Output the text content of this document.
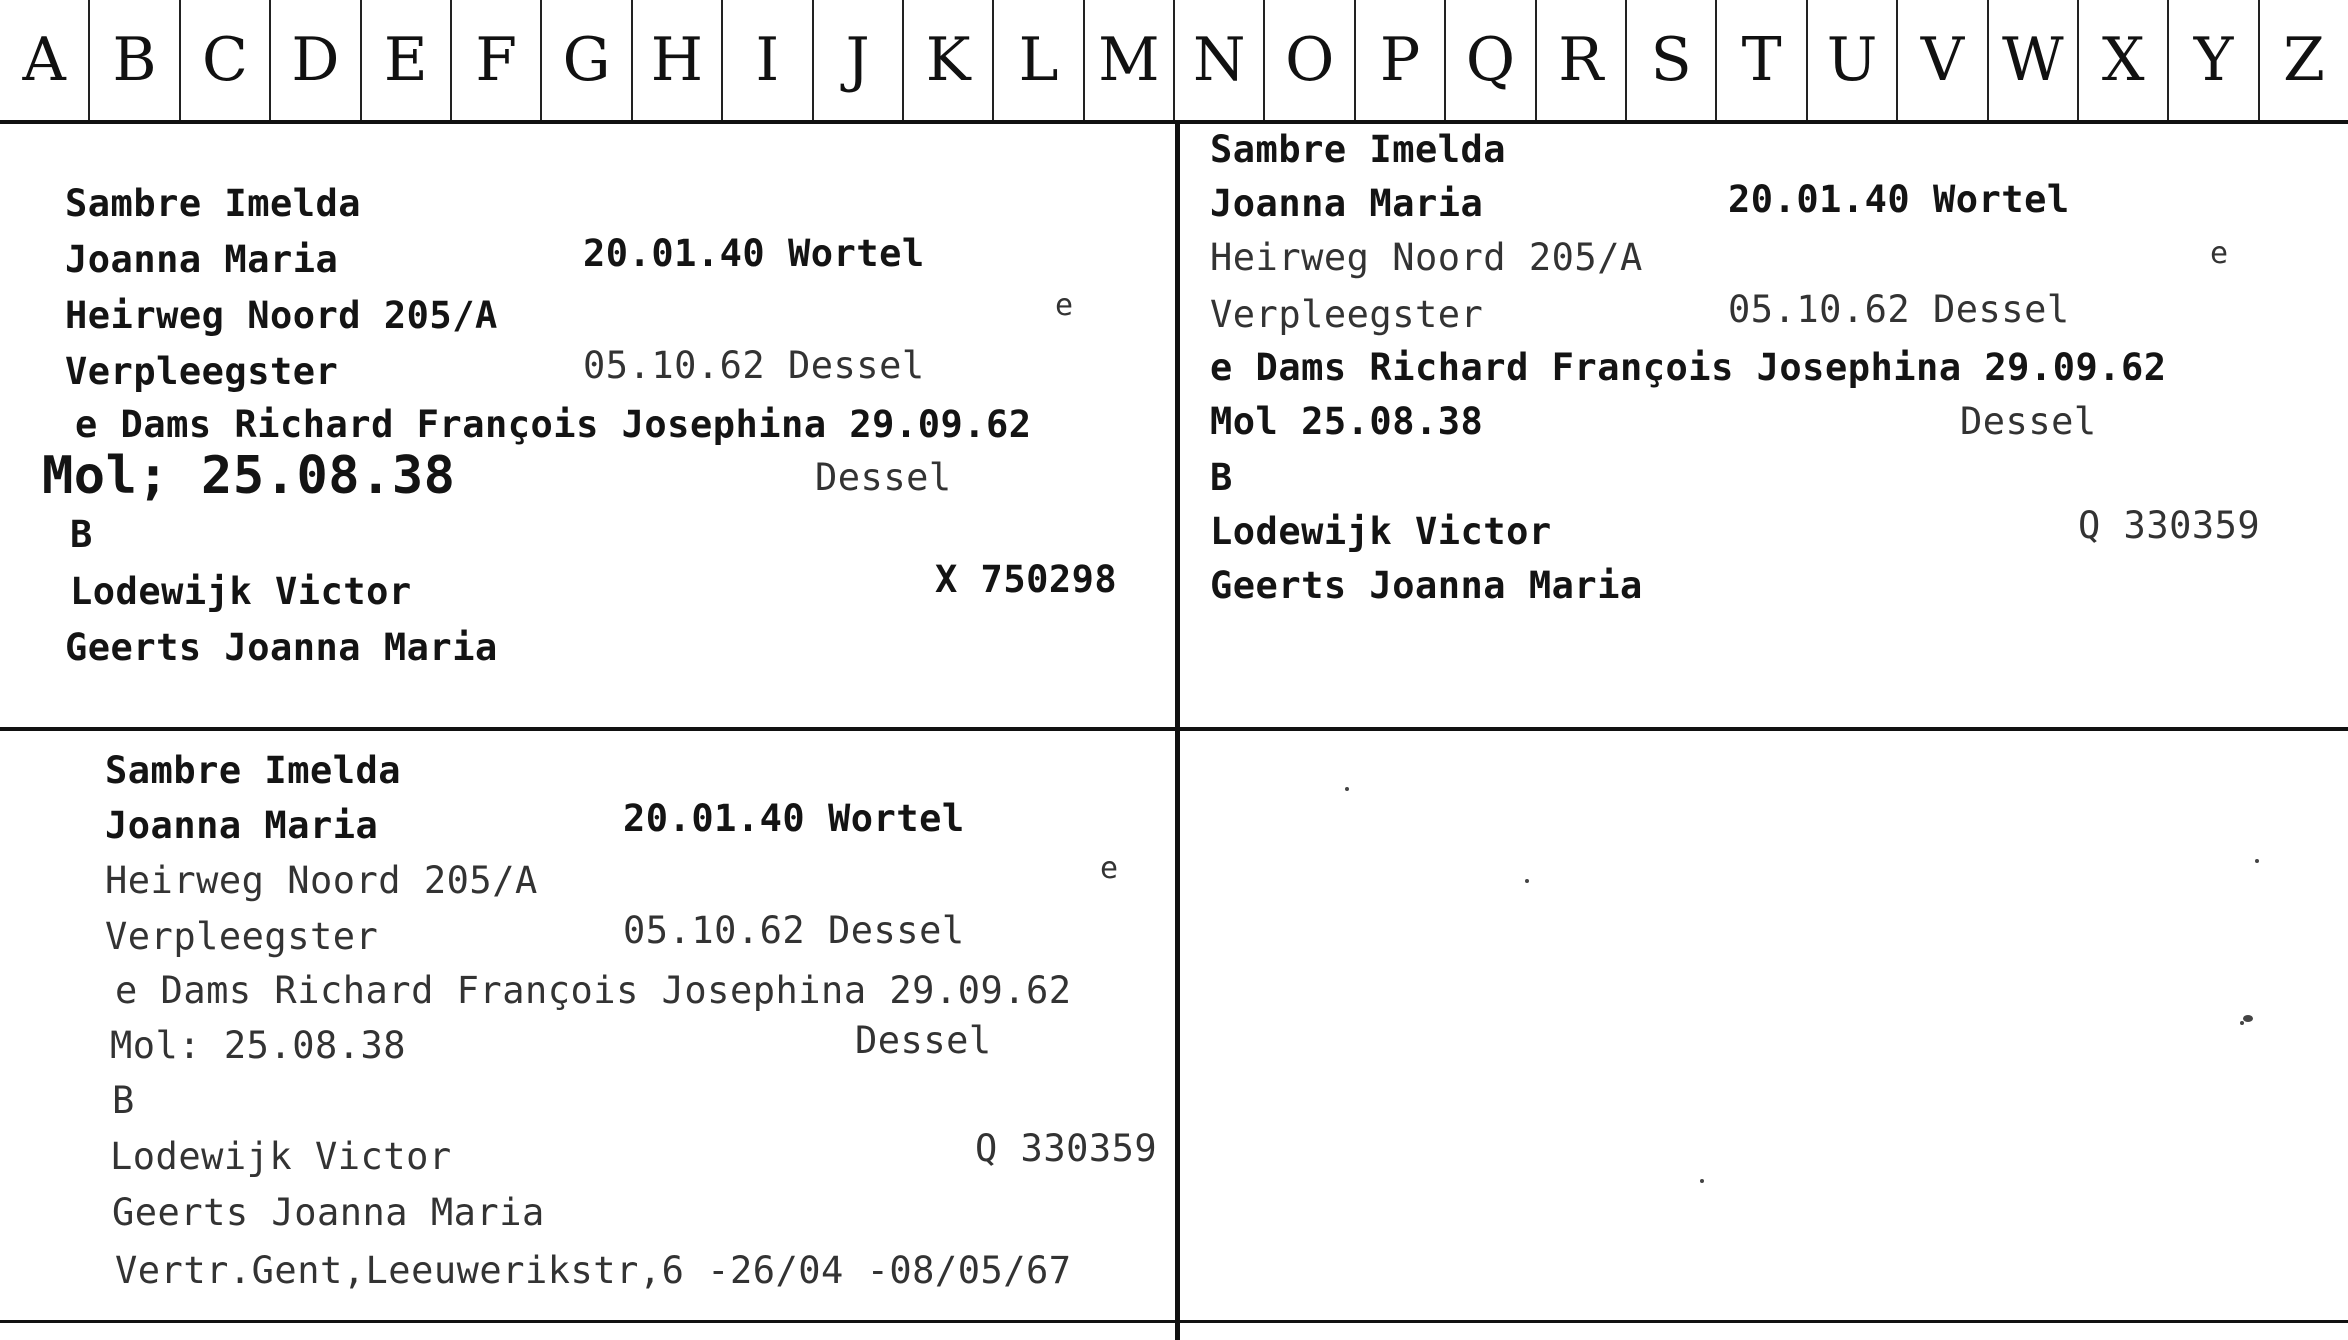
A B C D E F G H I	J K L M N O P Q R S T U V W X Y Z
Sambre Imelda
Joanna Maria	20.01.40 Wortel
Heirweg Noord 205/A	e
Verpleegster	05.10.62 Dessel
e Dams Richard François Josephina 29.09.62
Mol; 25.08.38	Dessel
B
Lodewijk Victor	X 750298
Geerts Joanna Maria
Sambre Imelda
Joanna Maria	20.01.40 Wortel
Heirweg Noord 205/A	e
Verpleegster	05.10.62 Dessel
e Dams Richard François Josephina 29.09.62
Mol 25.08.38	Dessel
B
Lodewijk Victor	Q 330359
Geerts Joanna Maria
Sambre Imelda
Joanna Maria	20.01.40 Wortel
Heirweg Noord 205/A	e
Verpleegster	05.10.62 Dessel
e Dams Richard François Josephina 29.09.62
Mol: 25.08.38	Dessel
B
Lodewijk Victor	Q 330359
Geerts Joanna Maria
Vertr.Gent,Leeuwerikstr,6 -26/04 -08/05/67
